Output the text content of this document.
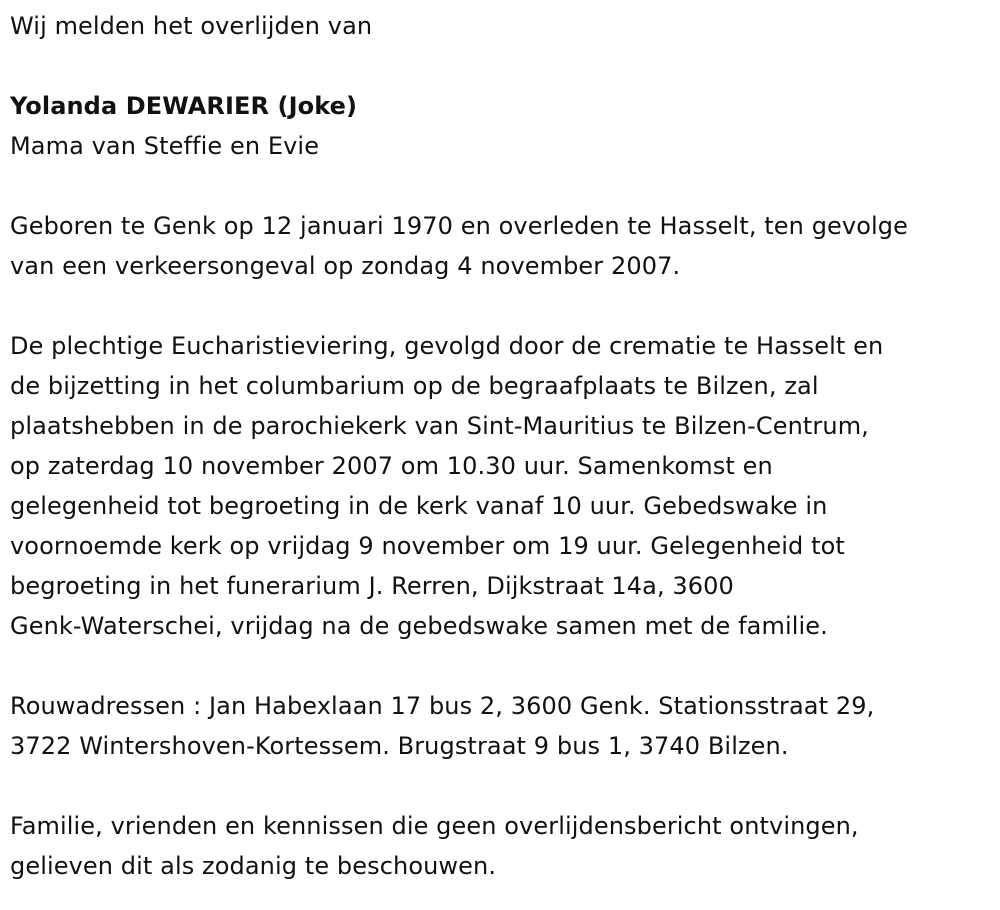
Wij melden het overlijden van

Yolanda DEWARIER (Joke)

Mama van Steffie en Evie

Geboren te Genk op 12 januari 1970 en overleden te Hasselt, ten gevolge

van een verkeersongeval op zondag 4 november 2007.

De plechtige Eucharistieviering, gevolgd door de crematie te Hasselt en

de bijzetting in het columbarium op de begraafplaats te Bilzen, zal

plaatshebben in de parochiekerk van Sint-Mauritius te Bilzen-Centrum,

op zaterdag 10 november 2007 om 10.30 uur. Samenkomst en

gelegenheid tot begroeting in de kerk vanaf 10 uur. Gebedswake in

voornoemde kerk op vrijdag 9 november om 19 uur. Gelegenheid tot

begroeting in het funerarium J. Rerren, Dijkstraat 14a, 3600

Genk-Waterschei, vrijdag na de gebedswake samen met de familie.

Rouwadressen : Jan Habexlaan 17 bus 2, 3600 Genk. Stationsstraat 29,

3722 Wintershoven-Kortessem. Brugstraat 9 bus 1, 3740 Bilzen.

Familie, vrienden en kennissen die geen overlijdensbericht ontvingen,

gelieven dit als zodanig te beschouwen.
